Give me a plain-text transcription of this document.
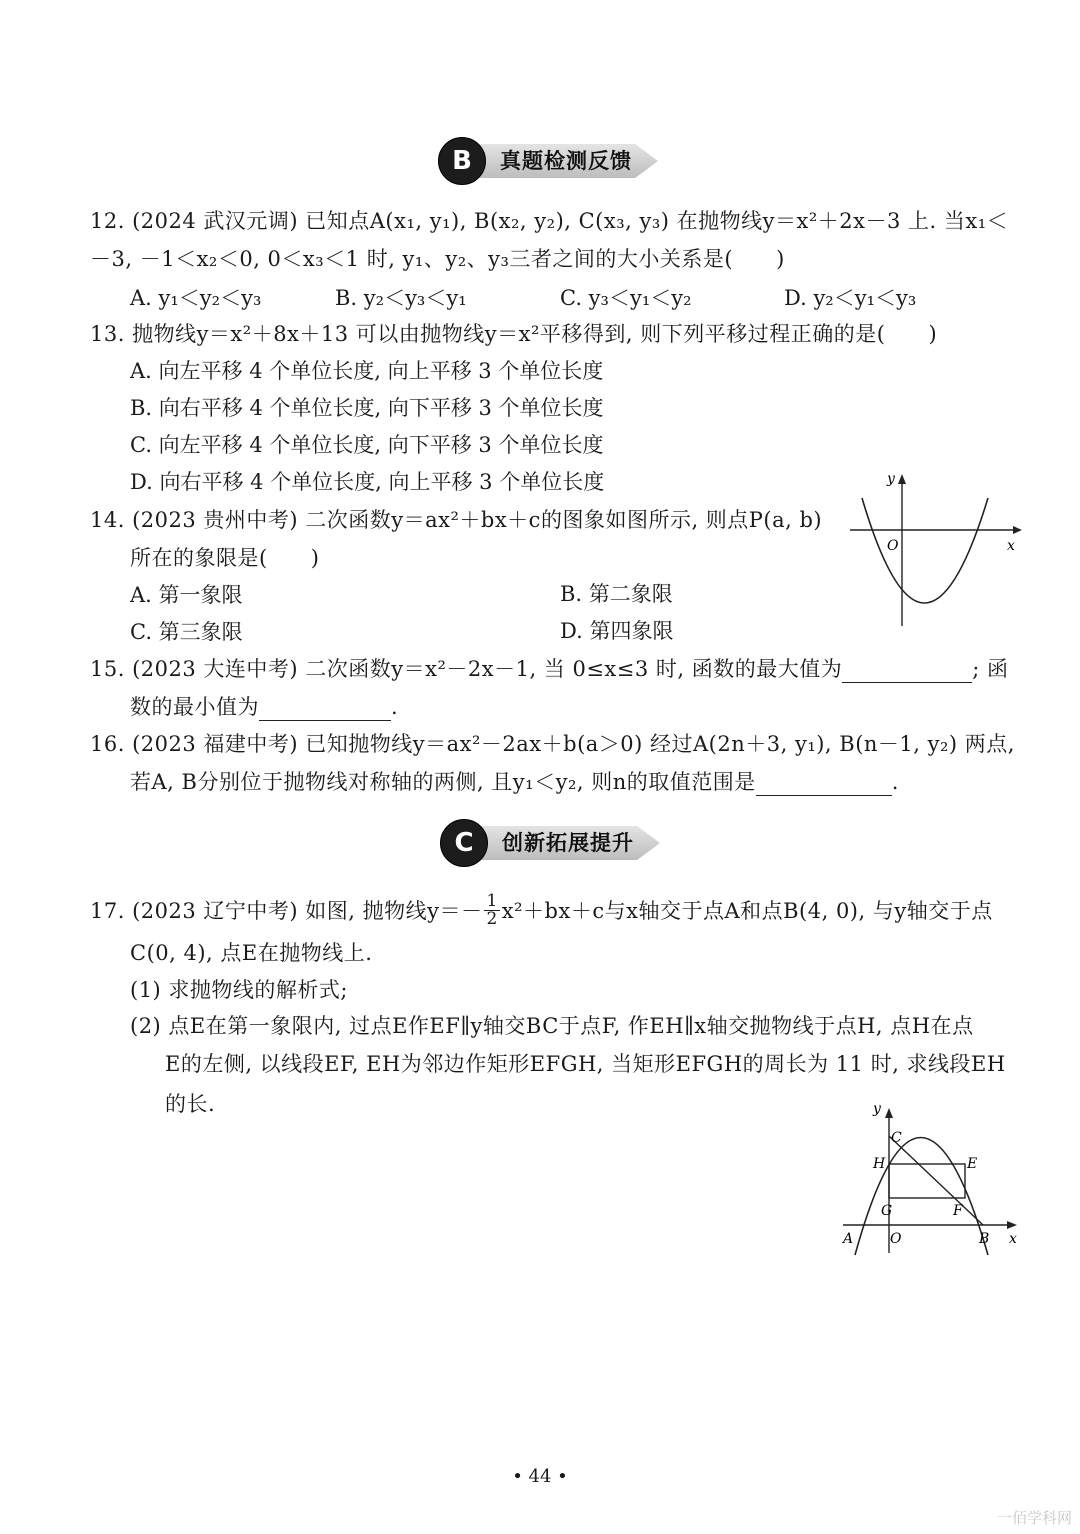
B	真题检测反馈
12. (2024 武汉元调) 已知点A(x₁, y₁), B(x₂, y₂), C(x₃, y₃) 在抛物线y＝x²＋2x－3 上. 当x₁＜
－3, －1＜x₂＜0, 0＜x₃＜1 时, y₁、y₂、y₃三者之间的大小关系是(　　)
A. y₁＜y₂＜y₃	B. y₂＜y₃＜y₁	C. y₃＜y₁＜y₂	D. y₂＜y₁＜y₃
13. 抛物线y＝x²＋8x＋13 可以由抛物线y＝x²平移得到, 则下列平移过程正确的是(　　)
A. 向左平移 4 个单位长度, 向上平移 3 个单位长度
B. 向右平移 4 个单位长度, 向下平移 3 个单位长度
C. 向左平移 4 个单位长度, 向下平移 3 个单位长度
D. 向右平移 4 个单位长度, 向上平移 3 个单位长度
14. (2023 贵州中考) 二次函数y＝ax²＋bx＋c的图象如图所示, 则点P(a, b)
所在的象限是(　　)
A. 第一象限	B. 第二象限
C. 第三象限	D. 第四象限
y
x
O
15. (2023 大连中考) 二次函数y＝x²－2x－1, 当 0≤x≤3 时, 函数的最大值为	; 函
数的最小值为	.
16. (2023 福建中考) 已知抛物线y＝ax²－2ax＋b(a＞0) 经过A(2n＋3, y₁), B(n－1, y₂) 两点,
若A, B分别位于抛物线对称轴的两侧, 且y₁＜y₂, 则n的取值范围是	.
C	创新拓展提升
17. (2023 辽宁中考) 如图, 抛物线$y=- \frac{1}{2} x^2+bx+c$与x轴交于点A和点B(4, 0), 与y轴交于点
C(0, 4), 点E在抛物线上.
(1) 求抛物线的解析式;
(2) 点E在第一象限内, 过点E作EF∥y轴交BC于点F, 作EH∥x轴交抛物线于点H, 点H在点
E的左侧, 以线段EF, EH为邻边作矩形EFGH, 当矩形EFGH的周长为 11 时, 求线段EH
的长.	y
C
H	E
G	F
A	O	B x
• 44 •
一佰学科网
